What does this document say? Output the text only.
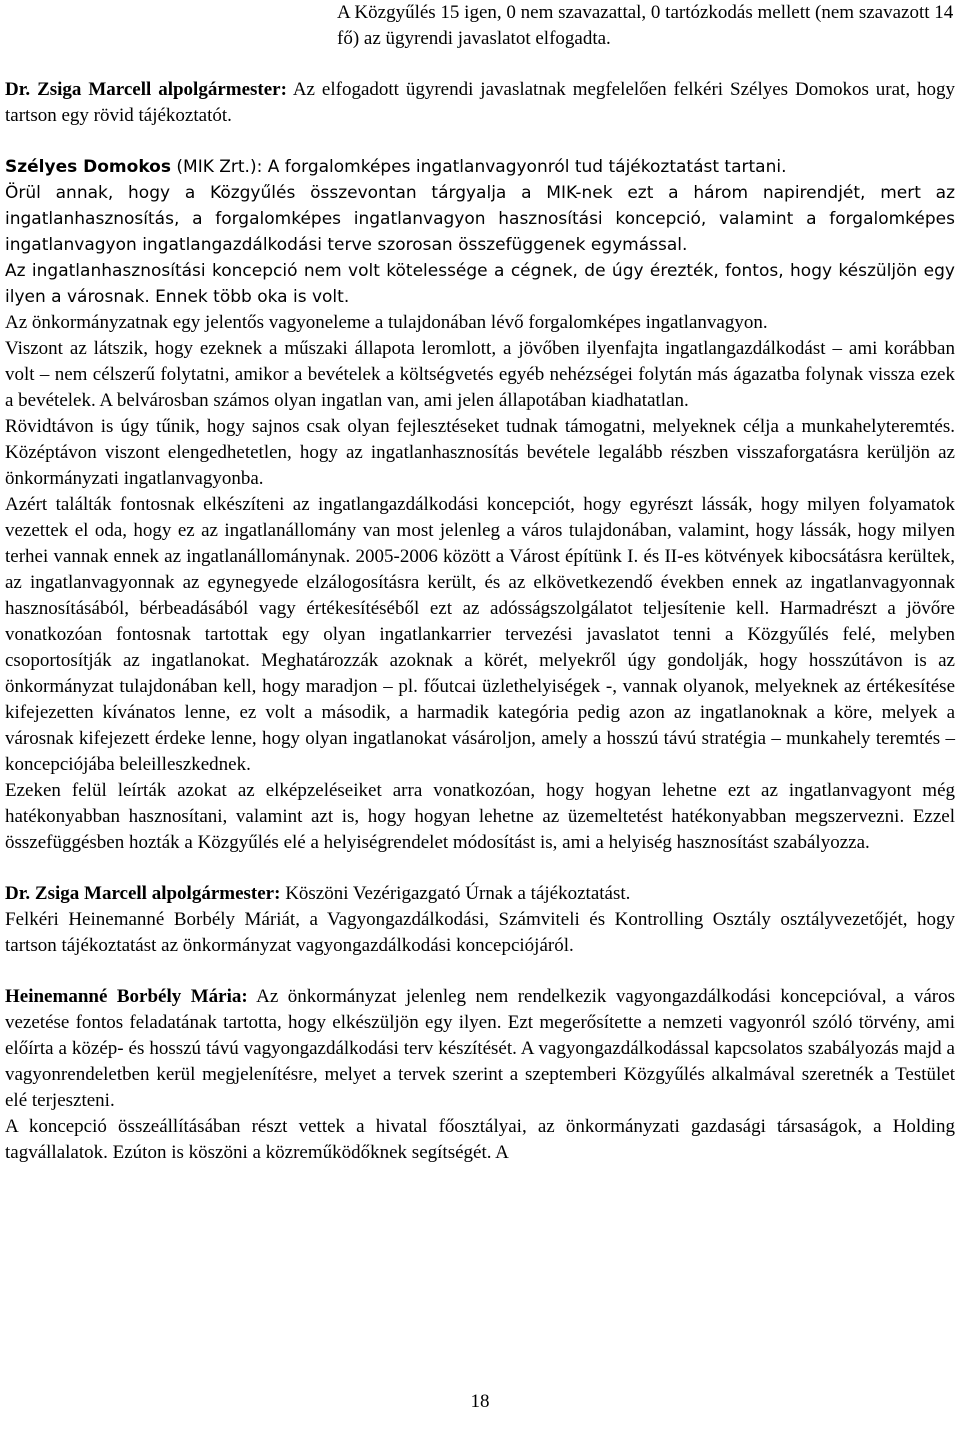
A Közgyűlés 15 igen, 0 nem szavazattal, 0 tartózkodás mellett (nem szavazott 14 fő) az ügyrendi javaslatot elfogadta.

Dr. Zsiga Marcell alpolgármester: Az elfogadott ügyrendi javaslatnak megfelelően felkéri Szélyes Domokos urat, hogy tartson egy rövid tájékoztatót.

Szélyes Domokos (MIK Zrt.): A forgalomképes ingatlanvagyonról tud tájékoztatást tartani.

Örül annak, hogy a Közgyűlés összevontan tárgyalja a MIK-nek ezt a három napirendjét, mert az ingatlanhasznosítás, a forgalomképes ingatlanvagyon hasznosítási koncepció, valamint a forgalomképes ingatlanvagyon ingatlangazdálkodási terve szorosan összefüggenek egymással.

Az ingatlanhasznosítási koncepció nem volt kötelessége a cégnek, de úgy érezték, fontos, hogy készüljön egy ilyen a városnak. Ennek több oka is volt.

Az önkormányzatnak egy jelentős vagyoneleme a tulajdonában lévő forgalomképes ingatlanvagyon.

Viszont az látszik, hogy ezeknek a műszaki állapota leromlott, a jövőben ilyenfajta ingatlangazdálkodást – ami korábban volt – nem célszerű folytatni, amikor a bevételek a költségvetés egyéb nehézségei folytán más ágazatba folynak vissza ezek a bevételek. A belvárosban számos olyan ingatlan van, ami jelen állapotában kiadhatatlan.

Rövidtávon is úgy tűnik, hogy sajnos csak olyan fejlesztéseket tudnak támogatni, melyeknek célja a munkahelyteremtés. Középtávon viszont elengedhetetlen, hogy az ingatlanhasznosítás bevétele legalább részben visszaforgatásra kerüljön az önkormányzati ingatlanvagyonba.

Azért találták fontosnak elkészíteni az ingatlangazdálkodási koncepciót, hogy egyrészt lássák, hogy milyen folyamatok vezettek el oda, hogy ez az ingatlanállomány van most jelenleg a város tulajdonában, valamint, hogy lássák, hogy milyen terhei vannak ennek az ingatlanállománynak. 2005-2006 között a Várost építünk I. és II-es kötvények kibocsátásra kerültek, az ingatlanvagyonnak az egynegyede elzálogosításra került, és az elkövetkezendő években ennek az ingatlanvagyonnak hasznosításából, bérbeadásából vagy értékesítéséből ezt az adósságszolgálatot teljesítenie kell. Harmadrészt a jövőre vonatkozóan fontosnak tartottak egy olyan ingatlankarrier tervezési javaslatot tenni a Közgyűlés felé, melyben csoportosítják az ingatlanokat. Meghatározzák azoknak a körét, melyekről úgy gondolják, hogy hosszútávon is az önkormányzat tulajdonában kell, hogy maradjon – pl. főutcai üzlethelyiségek -, vannak olyanok, melyeknek az értékesítése kifejezetten kívánatos lenne, ez volt a második, a harmadik kategória pedig azon az ingatlanoknak a köre, melyek a városnak kifejezett érdeke lenne, hogy olyan ingatlanokat vásároljon, amely a hosszú távú stratégia – munkahely teremtés – koncepciójába beleilleszkednek.

Ezeken felül leírták azokat az elképzeléseiket arra vonatkozóan, hogy hogyan lehetne ezt az ingatlanvagyont még hatékonyabban hasznosítani, valamint azt is, hogy hogyan lehetne az üzemeltetést hatékonyabban megszervezni. Ezzel összefüggésben hozták a Közgyűlés elé a helyiségrendelet módosítást is, ami a helyiség hasznosítást szabályozza.

Dr. Zsiga Marcell alpolgármester: Köszöni Vezérigazgató Úrnak a tájékoztatást.

Felkéri Heinemanné Borbély Máriát, a Vagyongazdálkodási, Számviteli és Kontrolling Osztály osztályvezetőjét, hogy tartson tájékoztatást az önkormányzat vagyongazdálkodási koncepciójáról.

Heinemanné Borbély Mária: Az önkormányzat jelenleg nem rendelkezik vagyongazdálkodási koncepcióval, a város vezetése fontos feladatának tartotta, hogy elkészüljön egy ilyen. Ezt megerősítette a nemzeti vagyonról szóló törvény, ami előírta a közép- és hosszú távú vagyongazdálkodási terv készítését. A vagyongazdálkodással kapcsolatos szabályozás majd a vagyonrendeletben kerül megjelenítésre, melyet a tervek szerint a szeptemberi Közgyűlés alkalmával szeretnék a Testület elé terjeszteni.

A koncepció összeállításában részt vettek a hivatal főosztályai, az önkormányzati gazdasági társaságok, a Holding tagvállalatok. Ezúton is köszöni a közreműködőknek segítségét. A

18
